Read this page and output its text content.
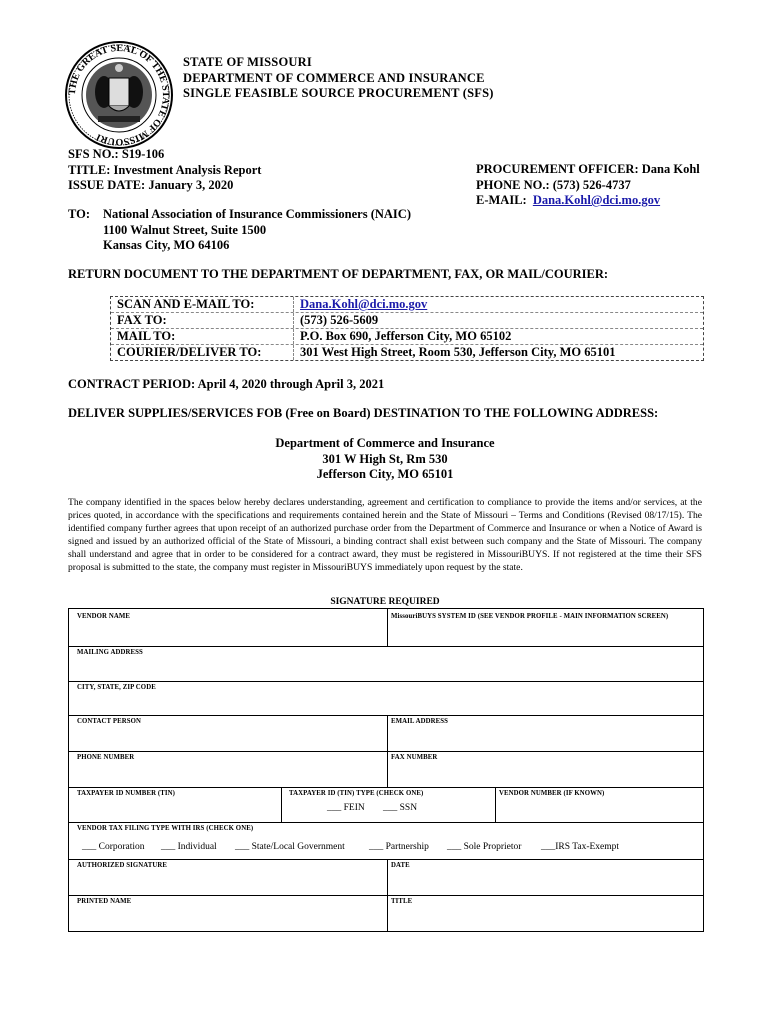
THE GREAT SEAL OF THE STATE OF MISSOURI
STATE OF MISSOURI
DEPARTMENT OF COMMERCE AND INSURANCE
SINGLE FEASIBLE SOURCE PROCUREMENT (SFS)
SFS NO.: S19-106
TITLE: Investment Analysis Report
ISSUE DATE: January 3, 2020
PROCUREMENT OFFICER: Dana Kohl
PHONE NO.: (573) 526-4737
E-MAIL: Dana.Kohl@dci.mo.gov
TO: National Association of Insurance Commissioners (NAIC)
1100 Walnut Street, Suite 1500
Kansas City, MO 64106
RETURN DOCUMENT TO THE DEPARTMENT OF DEPARTMENT, FAX, OR MAIL/COURIER:
SCAN AND E-MAIL TO:	Dana.Kohl@dci.mo.gov
FAX TO:	(573) 526-5609
MAIL TO:	P.O. Box 690, Jefferson City, MO 65102
COURIER/DELIVER TO:	301 West High Street, Room 530, Jefferson City, MO 65101
CONTRACT PERIOD: April 4, 2020 through April 3, 2021
DELIVER SUPPLIES/SERVICES FOB (Free on Board) DESTINATION TO THE FOLLOWING ADDRESS:
Department of Commerce and Insurance
301 W High St, Rm 530
Jefferson City, MO 65101
The company identified in the spaces below hereby declares understanding, agreement and certification to compliance to provide the items and/or services, at the prices quoted, in accordance with the specifications and requirements contained herein and the State of Missouri – Terms and Conditions (Revised 08/17/15). The identified company further agrees that upon receipt of an authorized purchase order from the Department of Commerce and Insurance or when a Notice of Award is signed and issued by an authorized official of the State of Missouri, a binding contract shall exist between such company and the State of Missouri. The company shall understand and agree that in order to be considered for a contract award, they must be registered in MissouriBUYS. If not registered at the time their SFS proposal is submitted to the state, the company must register in MissouriBUYS immediately upon request by the state.
SIGNATURE REQUIRED
VENDOR NAME	MissouriBUYS SYSTEM ID (SEE VENDOR PROFILE - MAIN INFORMATION SCREEN)
MAILING ADDRESS
CITY, STATE, ZIP CODE
CONTACT PERSON	EMAIL ADDRESS
PHONE NUMBER	FAX NUMBER
TAXPAYER ID NUMBER (TIN)	TAXPAYER ID (TIN) TYPE (CHECK ONE)	VENDOR NUMBER (IF KNOWN)
___ FEIN ___ SSN
VENDOR TAX FILING TYPE WITH IRS (CHECK ONE)
___ Corporation ___ Individual ___ State/Local Government	___ Partnership ___ Sole Proprietor ___IRS Tax-Exempt
AUTHORIZED SIGNATURE	DATE
PRINTED NAME	TITLE
